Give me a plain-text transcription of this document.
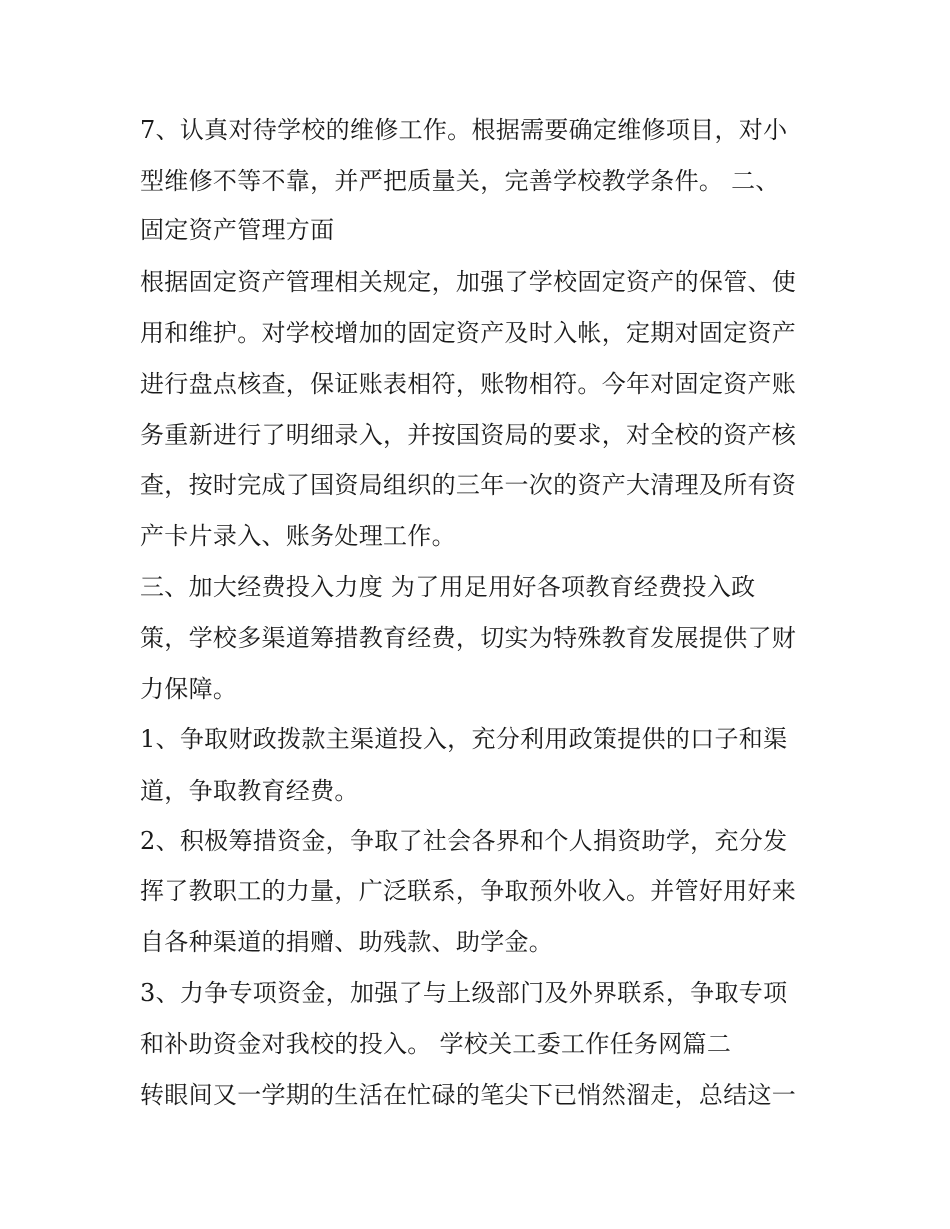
7、认真对待学校的维修工作。根据需要确定维修项目，对小
型维修不等不靠，并严把质量关，完善学校教学条件。 二、
固定资产管理方面
根据固定资产管理相关规定，加强了学校固定资产的保管、使
用和维护。对学校增加的固定资产及时入帐，定期对固定资产
进行盘点核查，保证账表相符，账物相符。今年对固定资产账
务重新进行了明细录入，并按国资局的要求，对全校的资产核
查，按时完成了国资局组织的三年一次的资产大清理及所有资
产卡片录入、账务处理工作。
三、加大经费投入力度 为了用足用好各项教育经费投入政
策，学校多渠道筹措教育经费，切实为特殊教育发展提供了财
力保障。
1、争取财政拨款主渠道投入，充分利用政策提供的口子和渠
道，争取教育经费。
2、积极筹措资金，争取了社会各界和个人捐资助学，充分发
挥了教职工的力量，广泛联系，争取预外收入。并管好用好来
自各种渠道的捐赠、助残款、助学金。
3、力争专项资金，加强了与上级部门及外界联系，争取专项
和补助资金对我校的投入。 学校关工委工作任务网篇二
转眼间又一学期的生活在忙碌的笔尖下已悄然溜走，总结这一
